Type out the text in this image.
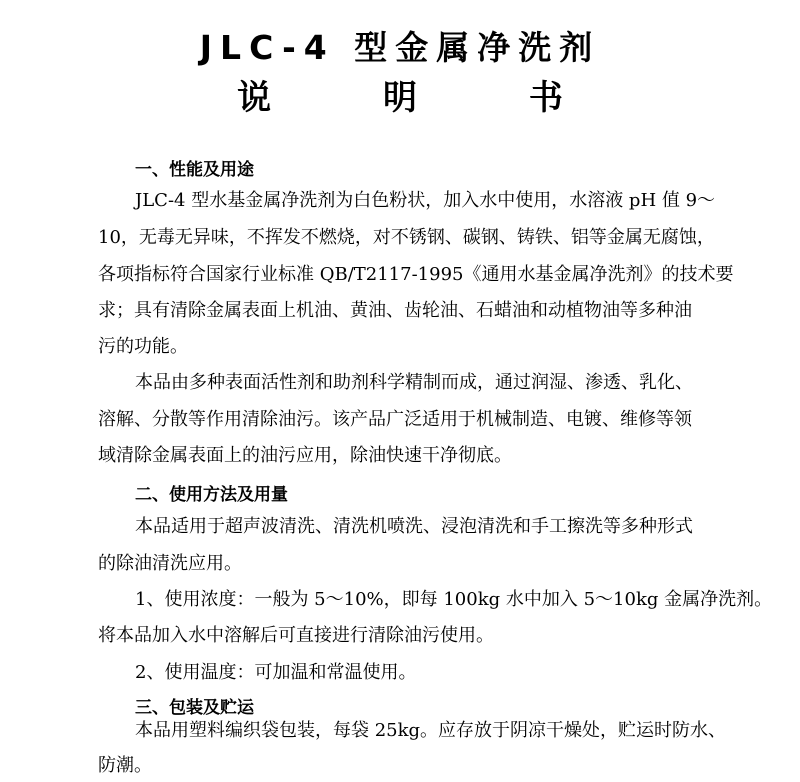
JLC-4 型金属净洗剂
说 明 书
一、性能及用途

JLC-4 型水基金属净洗剂为白色粉状，加入水中使用，水溶液 pH 值 9～

10，无毒无异味，不挥发不燃烧，对不锈钢、碳钢、铸铁、铝等金属无腐蚀，

各项指标符合国家行业标准 QB/T2117-1995《通用水基金属净洗剂》的技术要

求；具有清除金属表面上机油、黄油、齿轮油、石蜡油和动植物油等多种油

污的功能。

本品由多种表面活性剂和助剂科学精制而成，通过润湿、渗透、乳化、

溶解、分散等作用清除油污。该产品广泛适用于机械制造、电镀、维修等领

域清除金属表面上的油污应用，除油快速干净彻底。

二、使用方法及用量

本品适用于超声波清洗、清洗机喷洗、浸泡清洗和手工擦洗等多种形式

的除油清洗应用。

1、使用浓度：一般为 5～10%，即每 100kg 水中加入 5～10kg 金属净洗剂。

将本品加入水中溶解后可直接进行清除油污使用。

2、使用温度：可加温和常温使用。

三、包装及贮运

本品用塑料编织袋包装，每袋 25kg。应存放于阴凉干燥处，贮运时防水、

防潮。
